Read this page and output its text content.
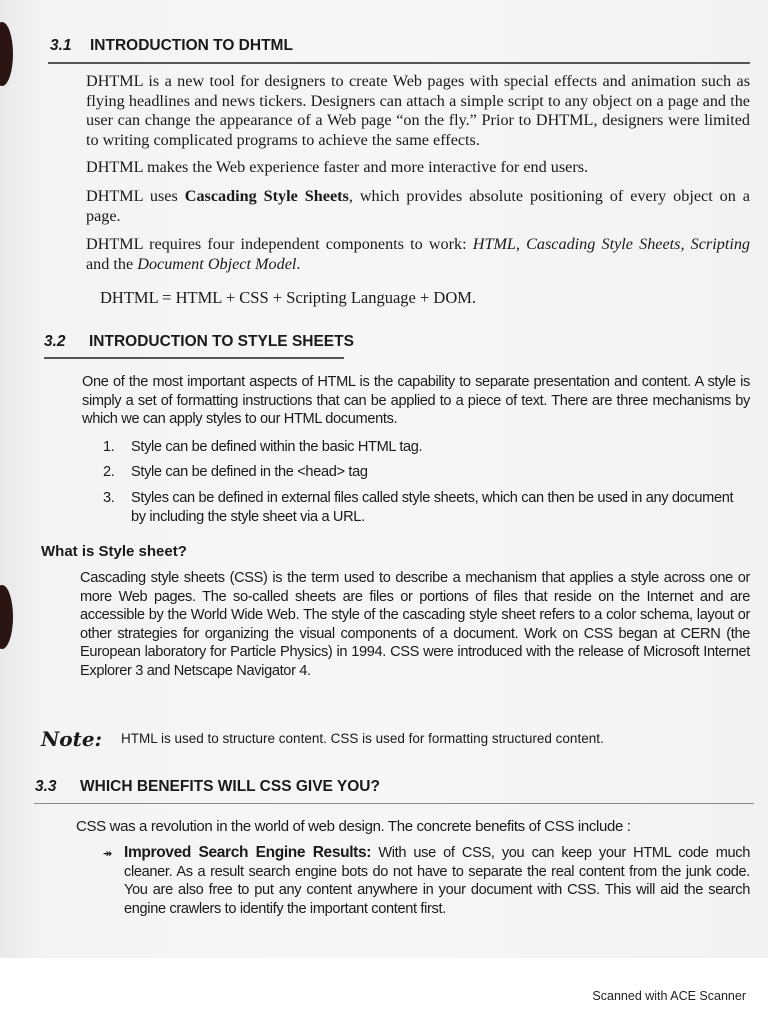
3.1 INTRODUCTION TO DHTML
DHTML is a new tool for designers to create Web pages with special effects and animation such as flying headlines and news tickers. Designers can attach a simple script to any object on a page and the user can change the appearance of a Web page “on the fly.” Prior to DHTML, designers were limited to writing complicated programs to achieve the same effects.
DHTML makes the Web experience faster and more interactive for end users.
DHTML uses Cascading Style Sheets, which provides absolute positioning of every object on a page.
DHTML requires four independent components to work: HTML, Cascading Style Sheets, Scripting and the Document Object Model.
DHTML = HTML + CSS + Scripting Language + DOM.
3.2 INTRODUCTION TO STYLE SHEETS
One of the most important aspects of HTML is the capability to separate presentation and content. A style is simply a set of formatting instructions that can be applied to a piece of text. There are three mechanisms by which we can apply styles to our HTML documents.
1. Style can be defined within the basic HTML tag.
2. Style can be defined in the <head> tag
3. Styles can be defined in external files called style sheets, which can then be used in any document by including the style sheet via a URL.
What is Style sheet?
Cascading style sheets (CSS) is the term used to describe a mechanism that applies a style across one or more Web pages. The so-called sheets are files or portions of files that reside on the Internet and are accessible by the World Wide Web. The style of the cascading style sheet refers to a color schema, layout or other strategies for organizing the visual components of a document. Work on CSS began at CERN (the European laboratory for Particle Physics) in 1994. CSS were introduced with the release of Microsoft Internet Explorer 3 and Netscape Navigator 4.
Note: HTML is used to structure content. CSS is used for formatting structured content.
3.3 WHICH BENEFITS WILL CSS GIVE YOU?
CSS was a revolution in the world of web design. The concrete benefits of CSS include :
↠ Improved Search Engine Results: With use of CSS, you can keep your HTML code much cleaner. As a result search engine bots do not have to separate the real content from the junk code. You are also free to put any content anywhere in your document with CSS. This will aid the search engine crawlers to identify the important content first.
Scanned with ACE Scanner
